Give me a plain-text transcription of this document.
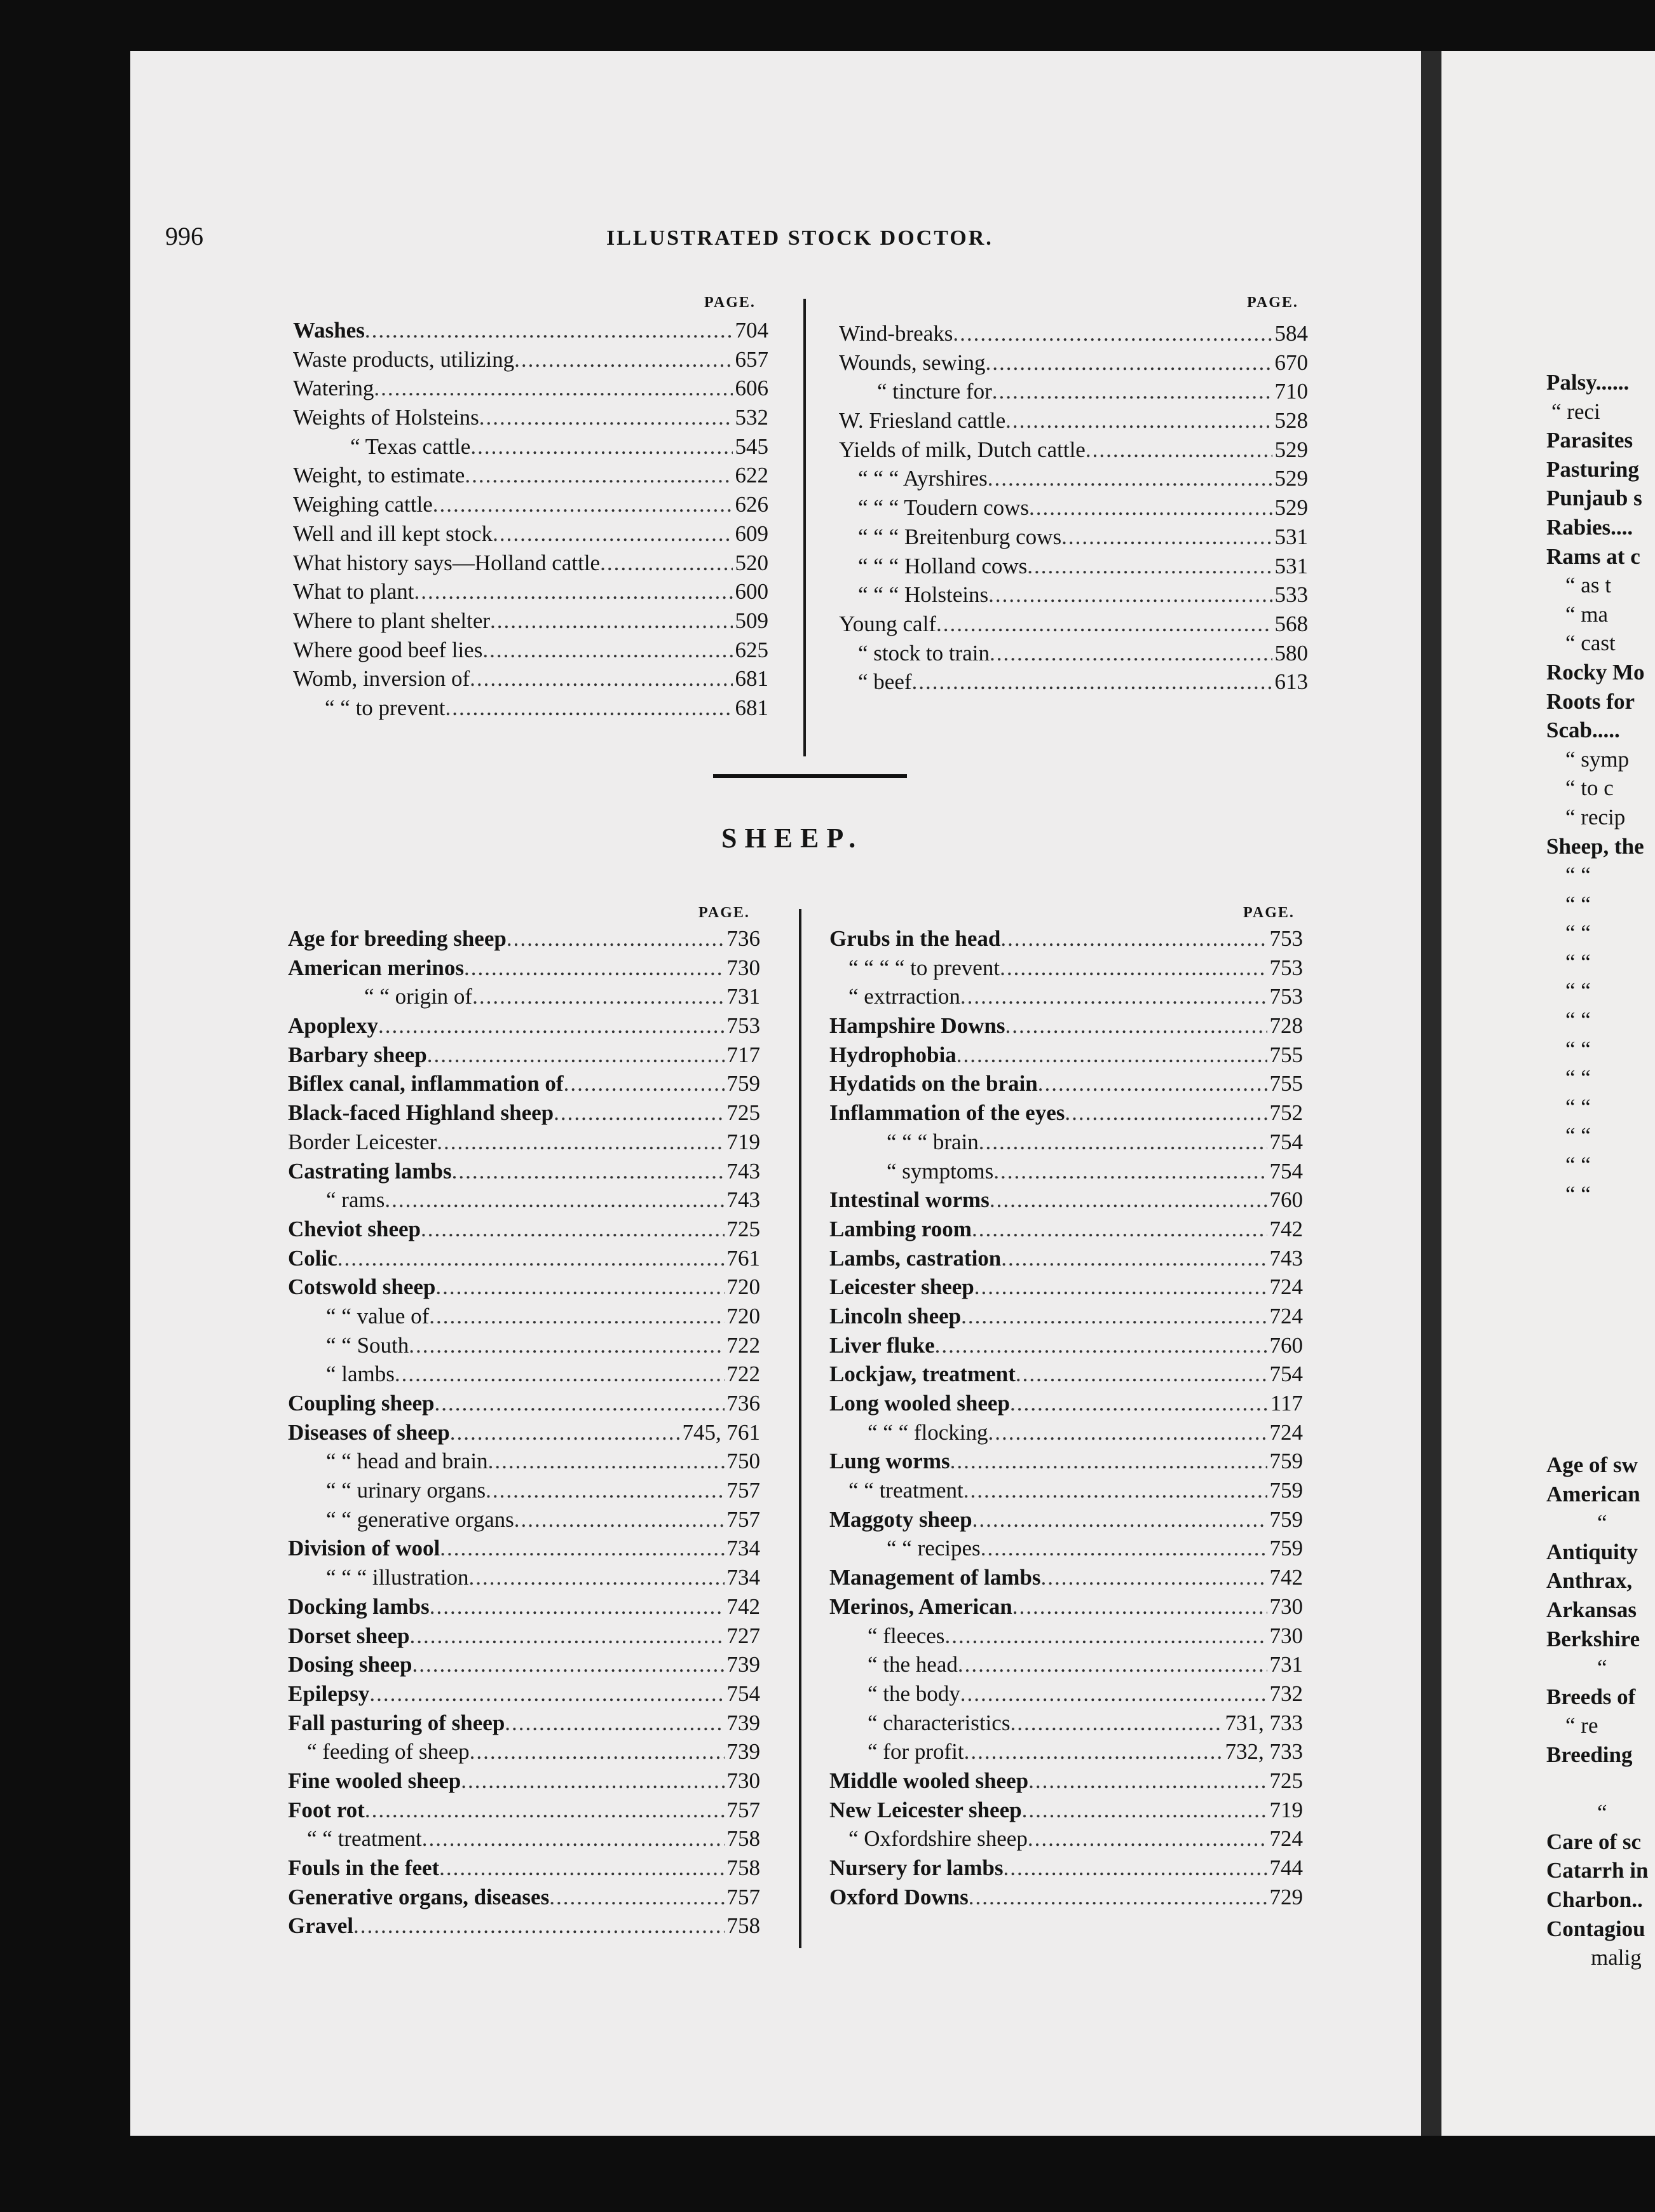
Palsy......
“ reci
Parasites
Pasturing
Punjaub s
Rabies....
Rams at c
“ as t
“ ma
“ cast
Rocky Mo
Roots for
Scab.....
“ symp
“ to c
“ recip
Sheep, the
“ “
“ “
“ “
“ “
“ “
“ “
“ “
“ “
“ “
“ “
“ “
“ “
Age of sw
American
“
Antiquity
Anthrax,
Arkansas
Berkshire
“
Breeds of
“ re
Breeding
“
Care of sc
Catarrh in
Charbon..
Contagiou
malig
996	ILLUSTRATED STOCK DOCTOR.
PAGE.	PAGE.
Washes .....	704
Waste products, utilizing .....	657
Watering .....	606
Weights of Holsteins .....	532
“ Texas cattle .....	545
Weight, to estimate .....	622
Weighing cattle .....	626
Well and ill kept stock .....	609
What history says—Holland cattle .....	520
What to plant .....	600
Where to plant shelter .....	509
Where good beef lies .....	625
Womb, inversion of .....	681
“ “ to prevent .....	681
Wind-breaks .....	584
Wounds, sewing .....	670
“ tincture for .....	710
W. Friesland cattle .....	528
Yields of milk, Dutch cattle .....	529
“ “ “ Ayrshires .....	529
“ “ “ Toudern cows .....	529
“ “ “ Breitenburg cows .....	531
“ “ “ Holland cows .....	531
“ “ “ Holsteins .....	533
Young calf .....	568
“ stock to train .....	580
“ beef .....	613
SHEEP.
PAGE.	PAGE.
Age for breeding sheep .....	736
American merinos .....	730
“ “ origin of .....	731
Apoplexy .....	753
Barbary sheep .....	717
Biflex canal, inflammation of .....	759
Black-faced Highland sheep .....	725
Border Leicester .....	719
Castrating lambs .....	743
“ rams .....	743
Cheviot sheep .....	725
Colic .....	761
Cotswold sheep .....	720
“ “ value of .....	720
“ “ South .....	722
“ lambs .....	722
Coupling sheep .....	736
Diseases of sheep .....	745, 761
“ “ head and brain .....	750
“ “ urinary organs .....	757
“ “ generative organs .....	757
Division of wool .....	734
“ “ “ illustration .....	734
Docking lambs .....	742
Dorset sheep .....	727
Dosing sheep .....	739
Epilepsy .....	754
Fall pasturing of sheep .....	739
“ feeding of sheep .....	739
Fine wooled sheep .....	730
Foot rot .....	757
“ “ treatment .....	758
Fouls in the feet .....	758
Generative organs, diseases .....	757
Gravel .....	758
Grubs in the head .....	753
“ “ “ “ to prevent .....	753
“ extrraction .....	753
Hampshire Downs .....	728
Hydrophobia .....	755
Hydatids on the brain .....	755
Inflammation of the eyes .....	752
“ “ “ brain .....	754
“ symptoms .....	754
Intestinal worms .....	760
Lambing room .....	742
Lambs, castration .....	743
Leicester sheep .....	724
Lincoln sheep .....	724
Liver fluke .....	760
Lockjaw, treatment .....	754
Long wooled sheep .....	117
“ “ “ flocking .....	724
Lung worms .....	759
“ “ treatment .....	759
Maggoty sheep .....	759
“ “ recipes .....	759
Management of lambs .....	742
Merinos, American .....	730
“ fleeces .....	730
“ the head .....	731
“ the body .....	732
“ characteristics .....	731, 733
“ for profit .....	732, 733
Middle wooled sheep .....	725
New Leicester sheep .....	719
“ Oxfordshire sheep .....	724
Nursery for lambs .....	744
Oxford Downs .....	729
